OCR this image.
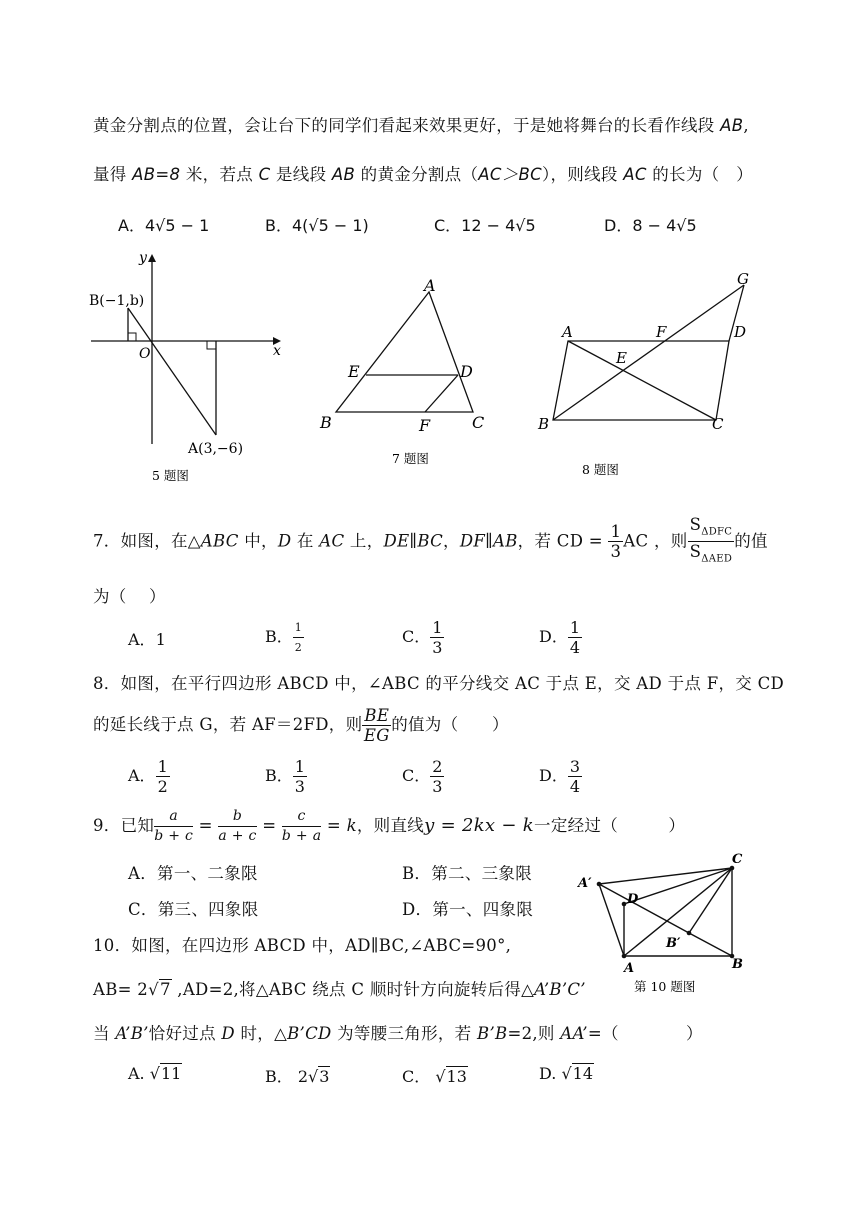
黄金分割点的位置，会让台下的同学们看起来效果更好，于是她将舞台的长看作线段 AB,
量得 AB=8 米，若点 C 是线段 AB 的黄金分割点（AC＞BC），则线段 AC 的长为（　）
A．4√5 − 1	B．4(√5 − 1)	C．12 − 4√5	D．8 − 4√5
x
y
O
B(−1,b)
A(3,−6)
5 题图
A
B	C
D
E
F
7 题图
G
A	F	D
E
B	C
8 题图
7．如图，在△ABC 中，D 在 AC 上，DE∥BC，DF∥AB，若 CD = $\frac{1}{3}$ AC ，则 $\frac{S_{\Delta DFC}}{S_{\Delta AED}}$ 的值
为（　 ）
A．1	B． $\frac{1}{2}$	C． $\frac{1}{3}$	D． $\frac{1}{4}$
8．如图，在平行四边形 ABCD 中，∠ABC 的平分线交 AC 于点 E，交 AD 于点 F，交 CD
的延长线于点 G，若 AF＝2FD，则 $\frac{BE}{EG}$ 的值为（　　）
A． $\frac{1}{2}$	B． $\frac{1}{3}$	C． $\frac{2}{3}$	D． $\frac{3}{4}$
9．已知 $\frac{a}{b + c} = \frac{b}{a + c} = \frac{c}{b + a} = k$，则直线y = 2kx − k一定经过（　　　）
A．第一、二象限	B．第二、三象限
C．第三、四象限	D．第一、四象限
C
A′
D
B′
A	B
第 10 题图
10．如图，在四边形 ABCD 中，AD∥BC,∠ABC=90°,
AB= 2√7 ,AD=2,将△ABC 绕点 C 顺时针方向旋转后得△A’B’C’
当 A’B’恰好过点 D 时，△B’CD 为等腰三角形，若 B’B=2,则 AA’=（　　　　）
A. √11	B． 2√3	C． √13	D. √14
